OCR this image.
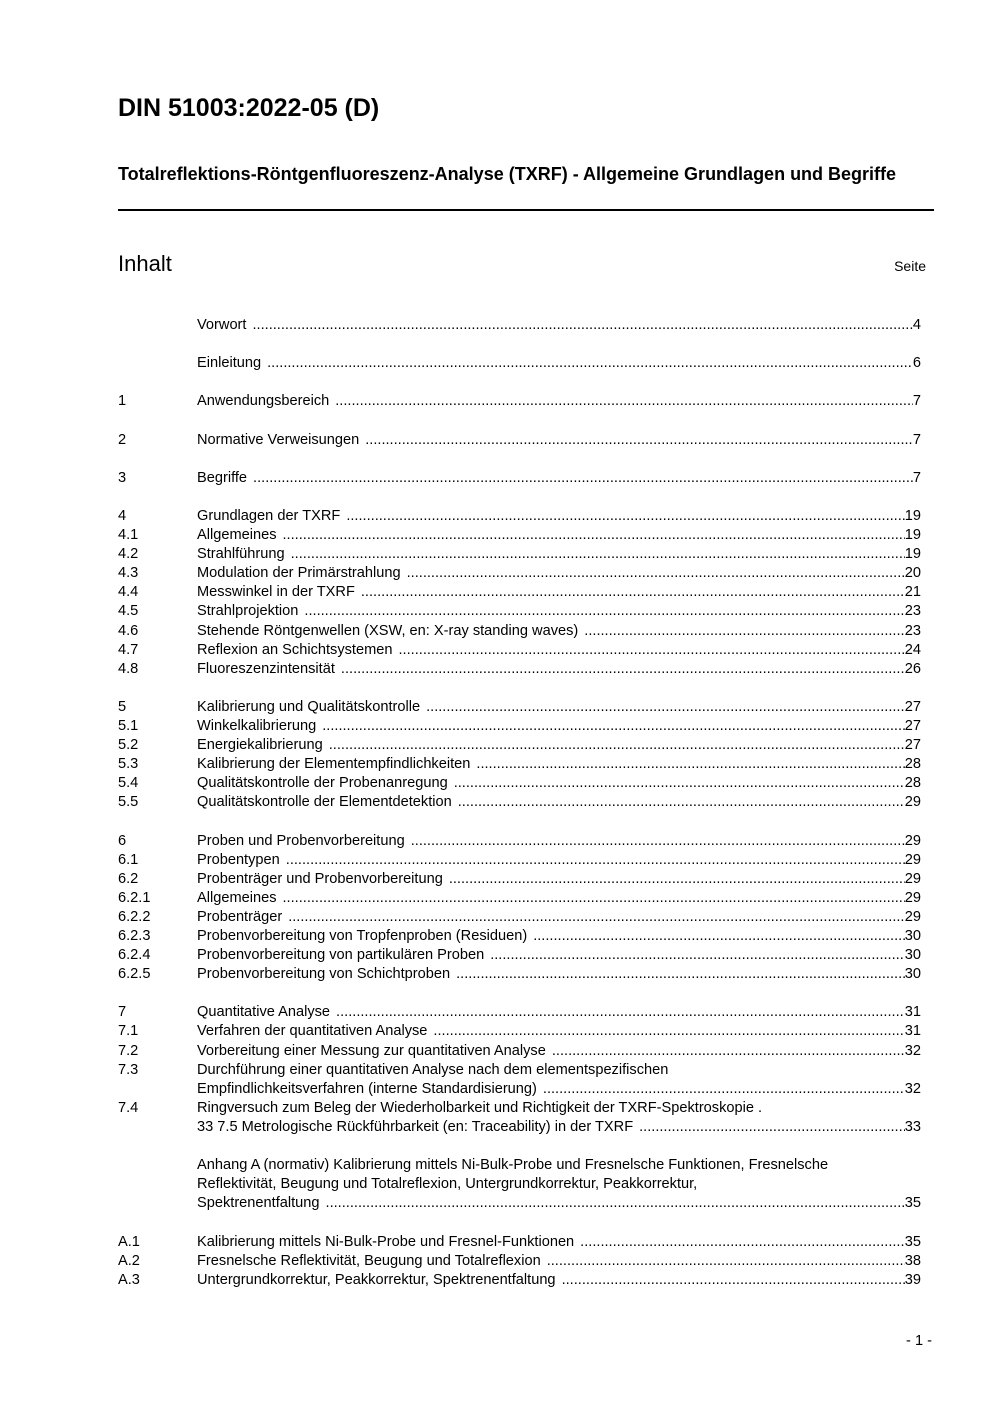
DIN 51003:2022-05 (D)
Totalreflektions-Röntgenfluoreszenz-Analyse (TXRF) - Allgemeine Grundlagen und Begriffe
Inhalt	Seite
Vorwort .....	4
Einleitung .....	6
1	Anwendungsbereich .....	7
2	Normative Verweisungen .....	7
3	Begriffe .....	7
4	Grundlagen der TXRF .....	19
4.1	Allgemeines .....	19
4.2	Strahlführung .....	19
4.3	Modulation der Primärstrahlung .....	20
4.4	Messwinkel in der TXRF .....	21
4.5	Strahlprojektion .....	23
4.6	Stehende Röntgenwellen (XSW, en: X-ray standing waves) .....	23
4.7	Reflexion an Schichtsystemen .....	24
4.8	Fluoreszenzintensität .....	26
5	Kalibrierung und Qualitätskontrolle .....	27
5.1	Winkelkalibrierung .....	27
5.2	Energiekalibrierung .....	27
5.3	Kalibrierung der Elementempfindlichkeiten .....	28
5.4	Qualitätskontrolle der Probenanregung .....	28
5.5	Qualitätskontrolle der Elementdetektion .....	29
6	Proben und Probenvorbereitung .....	29
6.1	Probentypen .....	29
6.2	Probenträger und Probenvorbereitung .....	29
6.2.1	Allgemeines .....	29
6.2.2	Probenträger .....	29
6.2.3	Probenvorbereitung von Tropfenproben (Residuen) .....	30
6.2.4	Probenvorbereitung von partikulären Proben .....	30
6.2.5	Probenvorbereitung von Schichtproben .....	30
7	Quantitative Analyse .....	31
7.1	Verfahren der quantitativen Analyse .....	31
7.2	Vorbereitung einer Messung zur quantitativen Analyse .....	32
7.3	Durchführung einer quantitativen Analyse nach dem elementspezifischen
Empfindlichkeitsverfahren (interne Standardisierung) .....	32
7.4	Ringversuch zum Beleg der Wiederholbarkeit und Richtigkeit der TXRF-Spektroskopie .
33 7.5 Metrologische Rückführbarkeit (en: Traceability) in der TXRF .....	33
Anhang A (normativ) Kalibrierung mittels Ni-Bulk-Probe und Fresnelsche Funktionen, Fresnelsche
Reflektivität, Beugung und Totalreflexion, Untergrundkorrektur, Peakkorrektur,
Spektrenentfaltung .....	35
A.1	Kalibrierung mittels Ni-Bulk-Probe und Fresnel-Funktionen .....	35
A.2	Fresnelsche Reflektivität, Beugung und Totalreflexion .....	38
A.3	Untergrundkorrektur, Peakkorrektur, Spektrenentfaltung .....	39
- 1 -
